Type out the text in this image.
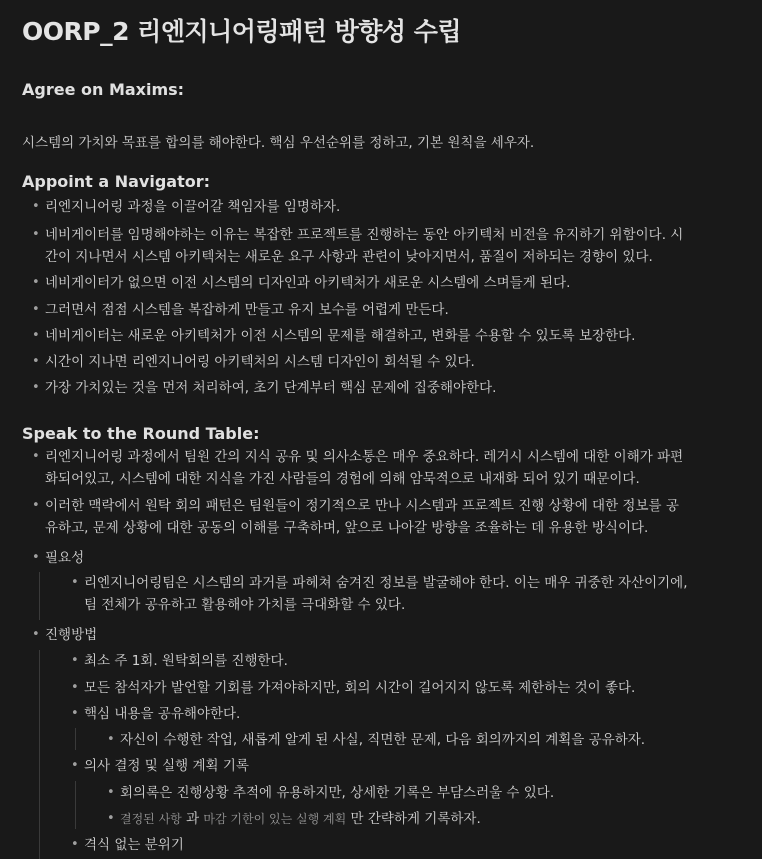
OORP_2 리엔지니어링패턴 방향성 수립
Agree on Maxims:
시스템의 가치와 목표를 합의를 해야한다. 핵심 우선순위를 정하고, 기본 원칙을 세우자.
Appoint a Navigator:
• 리엔지니어링 과정을 이끌어갈 책임자를 임명하자.
• 네비게이터를 임명해야하는 이유는 복잡한 프로젝트를 진행하는 동안 아키텍처 비전을 유지하기 위함이다. 시
간이 지나면서 시스템 아키텍처는 새로운 요구 사항과 관련이 낮아지면서, 품질이 저하되는 경향이 있다.
• 네비게이터가 없으면 이전 시스템의 디자인과 아키텍처가 새로운 시스템에 스며들게 된다.
• 그러면서 점점 시스템을 복잡하게 만들고 유지 보수를 어렵게 만든다.
• 네비게이터는 새로운 아키텍처가 이전 시스템의 문제를 해결하고, 변화를 수용할 수 있도록 보장한다.
• 시간이 지나면 리엔지니어링 아키텍처의 시스템 디자인이 회석될 수 있다.
• 가장 가치있는 것을 먼저 처리하여, 초기 단계부터 핵심 문제에 집중해야한다.
Speak to the Round Table:
• 리엔지니어링 과정에서 팀원 간의 지식 공유 및 의사소통은 매우 중요하다. 레거시 시스템에 대한 이해가 파편
화되어있고, 시스템에 대한 지식을 가진 사람들의 경험에 의해 암묵적으로 내재화 되어 있기 때문이다.
• 이러한 맥락에서 원탁 회의 패턴은 팀원들이 정기적으로 만나 시스템과 프로젝트 진행 상황에 대한 정보를 공
유하고, 문제 상황에 대한 공동의 이해를 구축하며, 앞으로 나아갈 방향을 조율하는 데 유용한 방식이다.
• 필요성
• 리엔지니어링팀은 시스템의 과거를 파헤쳐 숨겨진 정보를 발굴해야 한다. 이는 매우 귀중한 자산이기에,
팀 전체가 공유하고 활용해야 가치를 극대화할 수 있다.
• 진행방법
• 최소 주 1회. 원탁회의를 진행한다.
• 모든 참석자가 발언할 기회를 가져야하지만, 회의 시간이 길어지지 않도록 제한하는 것이 좋다.
• 핵심 내용을 공유해야한다.
• 자신이 수행한 작업, 새롭게 알게 된 사실, 직면한 문제, 다음 회의까지의 계획을 공유하자.
• 의사 결정 및 실행 계획 기록
• 회의록은 진행상황 추적에 유용하지만, 상세한 기록은 부담스러울 수 있다.
• 결정된 사항 과 마감 기한이 있는 실행 계획 만 간략하게 기록하자.
• 격식 없는 분위기
